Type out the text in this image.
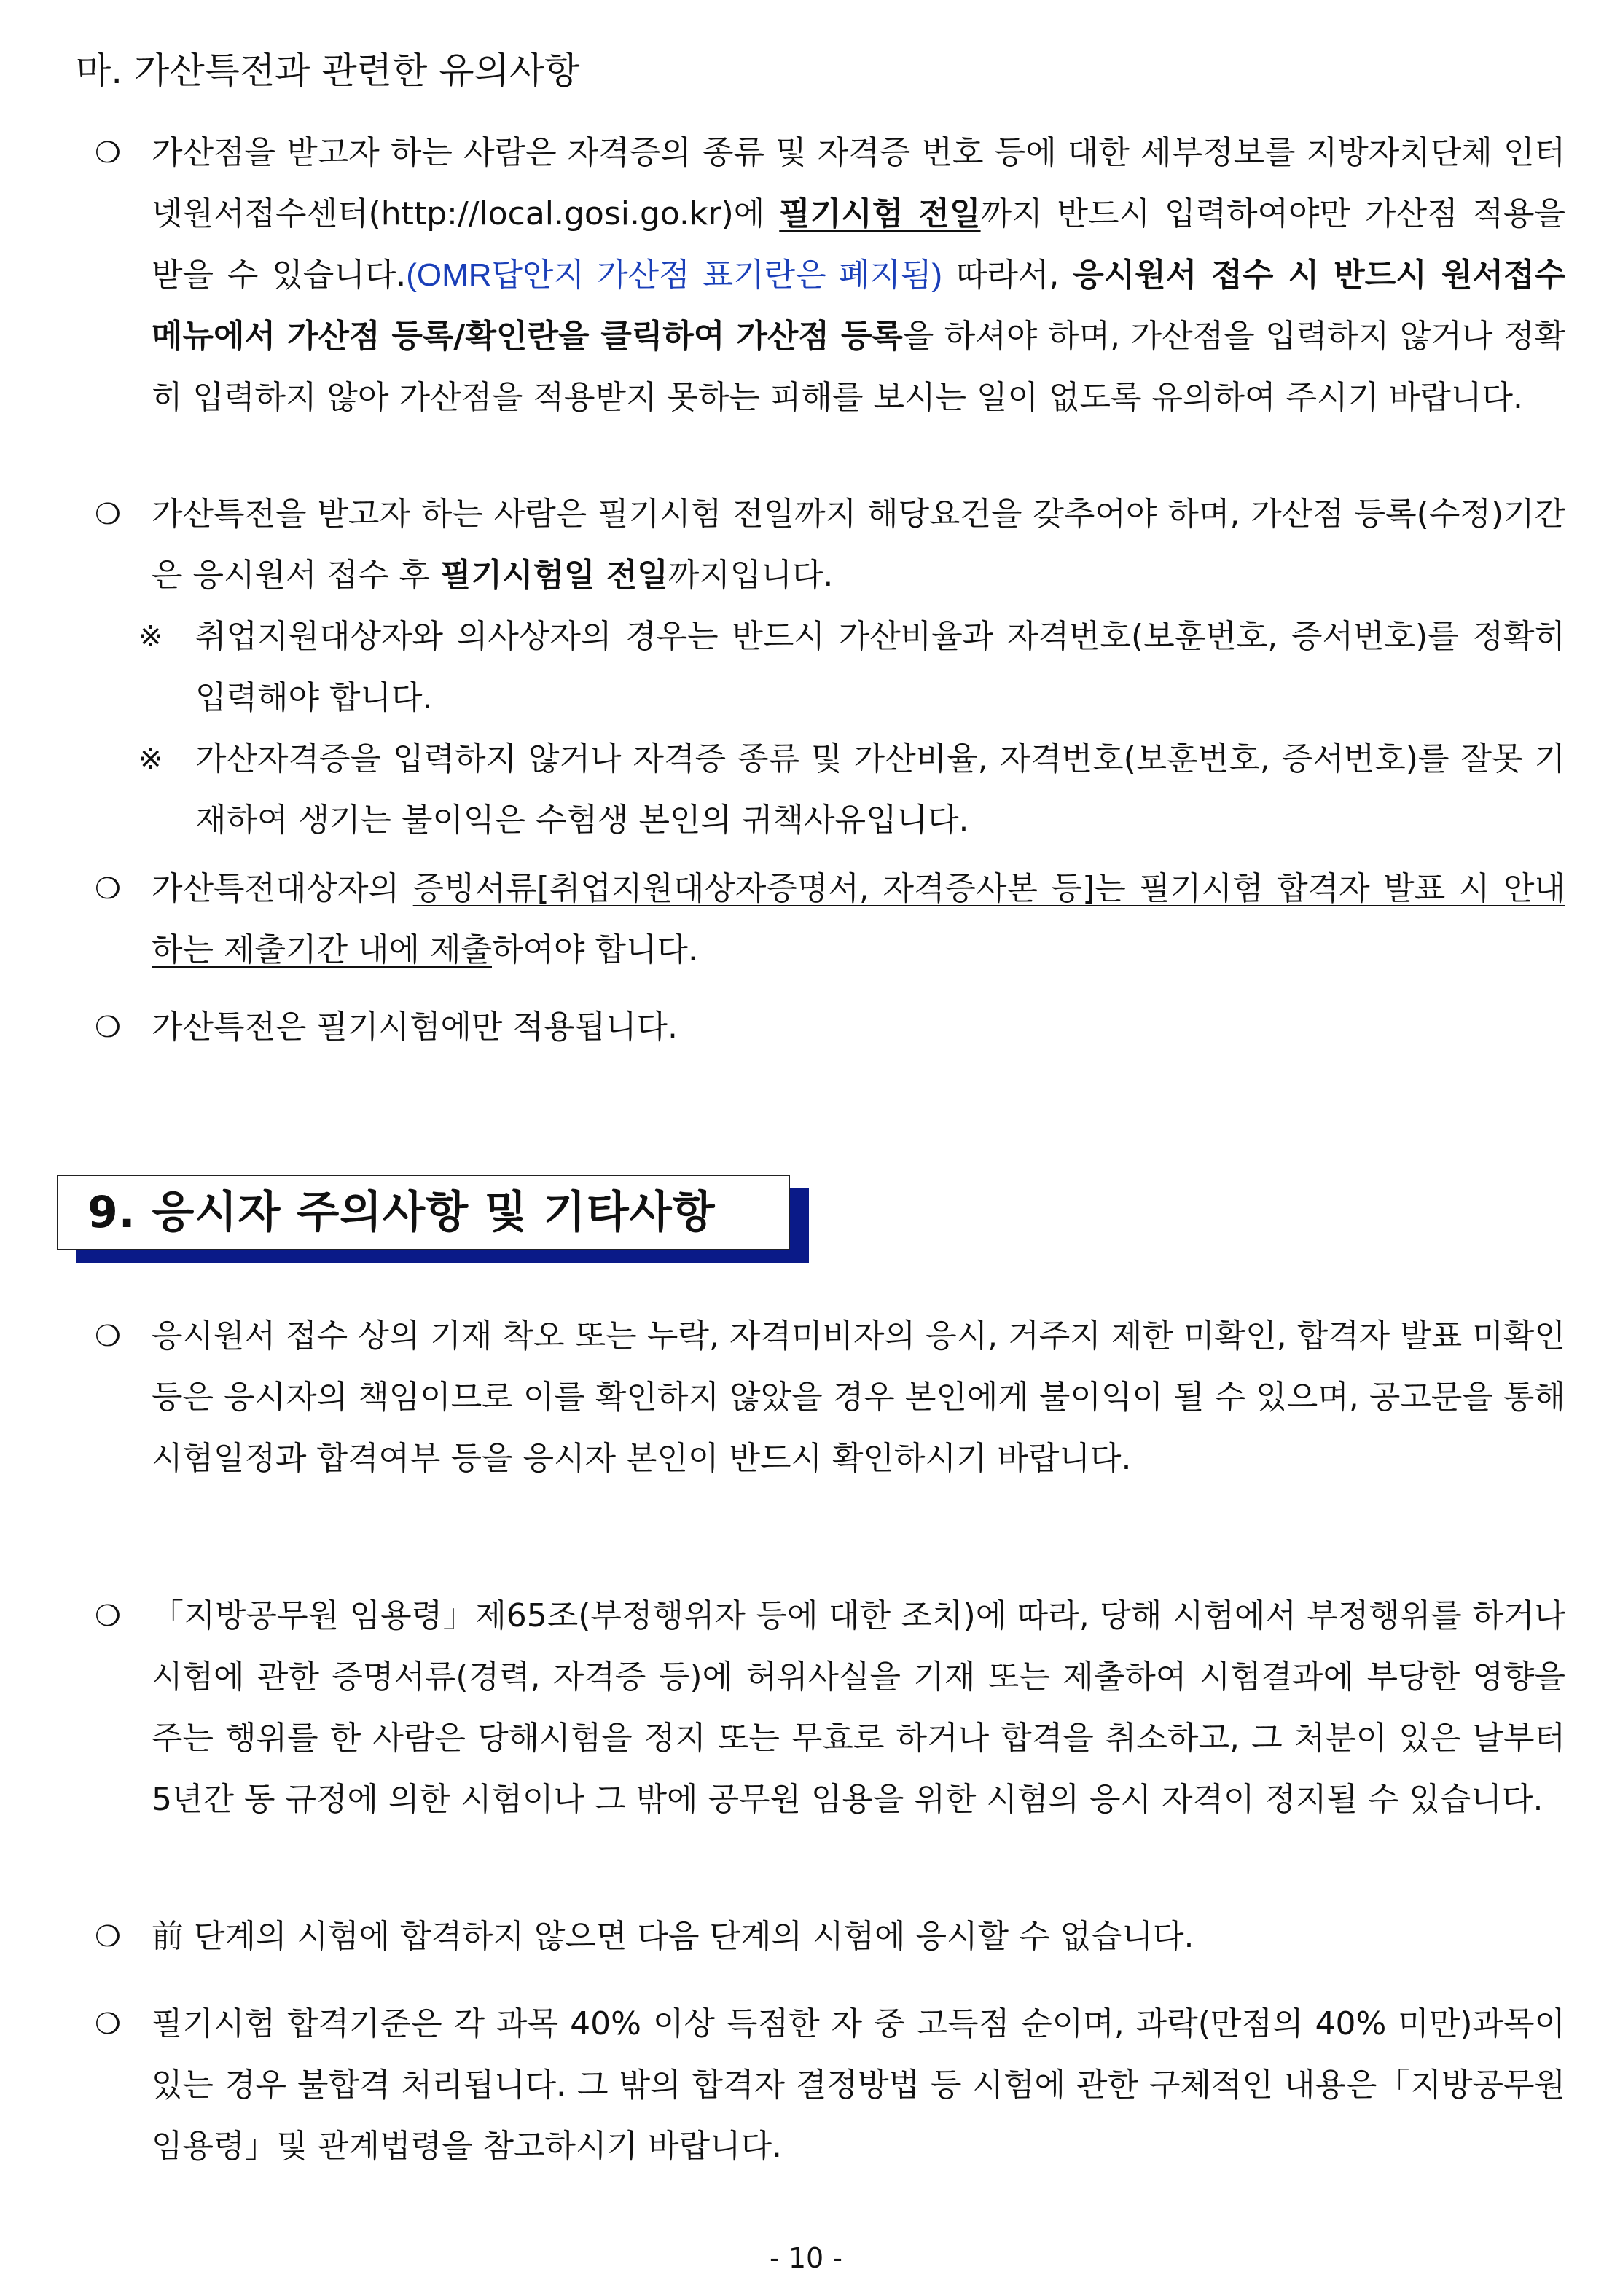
마. 가산특전과 관련한 유의사항

❍ 가산점을 받고자 하는 사람은 자격증의 종류 및 자격증 번호 등에 대한 세부정보를 지방자치단체 인터넷원서접수센터(http://local.gosi.go.kr)에 필기시험 전일까지 반드시 입력하여야만 가산점 적용을 받을 수 있습니다.(OMR답안지 가산점 표기란은 폐지됨) 따라서, 응시원서 접수 시 반드시 원서접수 메뉴에서 가산점 등록/확인란을 클릭하여 가산점 등록을 하셔야 하며, 가산점을 입력하지 않거나 정확히 입력하지 않아 가산점을 적용받지 못하는 피해를 보시는 일이 없도록 유의하여 주시기 바랍니다.

❍ 가산특전을 받고자 하는 사람은 필기시험 전일까지 해당요건을 갖추어야 하며, 가산점 등록(수정)기간은 응시원서 접수 후 필기시험일 전일까지입니다.

※ 취업지원대상자와 의사상자의 경우는 반드시 가산비율과 자격번호(보훈번호, 증서번호)를 정확히 입력해야 합니다.

※ 가산자격증을 입력하지 않거나 자격증 종류 및 가산비율, 자격번호(보훈번호, 증서번호)를 잘못 기재하여 생기는 불이익은 수험생 본인의 귀책사유입니다.

❍ 가산특전대상자의 증빙서류[취업지원대상자증명서, 자격증사본 등]는 필기시험 합격자 발표 시 안내하는 제출기간 내에 제출하여야 합니다.

❍ 가산특전은 필기시험에만 적용됩니다.

9. 응시자 주의사항 및 기타사항

❍ 응시원서 접수 상의 기재 착오 또는 누락, 자격미비자의 응시, 거주지 제한 미확인, 합격자 발표 미확인 등은 응시자의 책임이므로 이를 확인하지 않았을 경우 본인에게 불이익이 될 수 있으며, 공고문을 통해 시험일정과 합격여부 등을 응시자 본인이 반드시 확인하시기 바랍니다.

❍ 「지방공무원 임용령」제65조(부정행위자 등에 대한 조치)에 따라, 당해 시험에서 부정행위를 하거나 시험에 관한 증명서류(경력, 자격증 등)에 허위사실을 기재 또는 제출하여 시험결과에 부당한 영향을 주는 행위를 한 사람은 당해시험을 정지 또는 무효로 하거나 합격을 취소하고, 그 처분이 있은 날부터 5년간 동 규정에 의한 시험이나 그 밖에 공무원 임용을 위한 시험의 응시 자격이 정지될 수 있습니다.

❍ 前 단계의 시험에 합격하지 않으면 다음 단계의 시험에 응시할 수 없습니다.

❍ 필기시험 합격기준은 각 과목 40% 이상 득점한 자 중 고득점 순이며, 과락(만점의 40% 미만)과목이 있는 경우 불합격 처리됩니다. 그 밖의 합격자 결정방법 등 시험에 관한 구체적인 내용은「지방공무원 임용령」및 관계법령을 참고하시기 바랍니다.

- 10 -
